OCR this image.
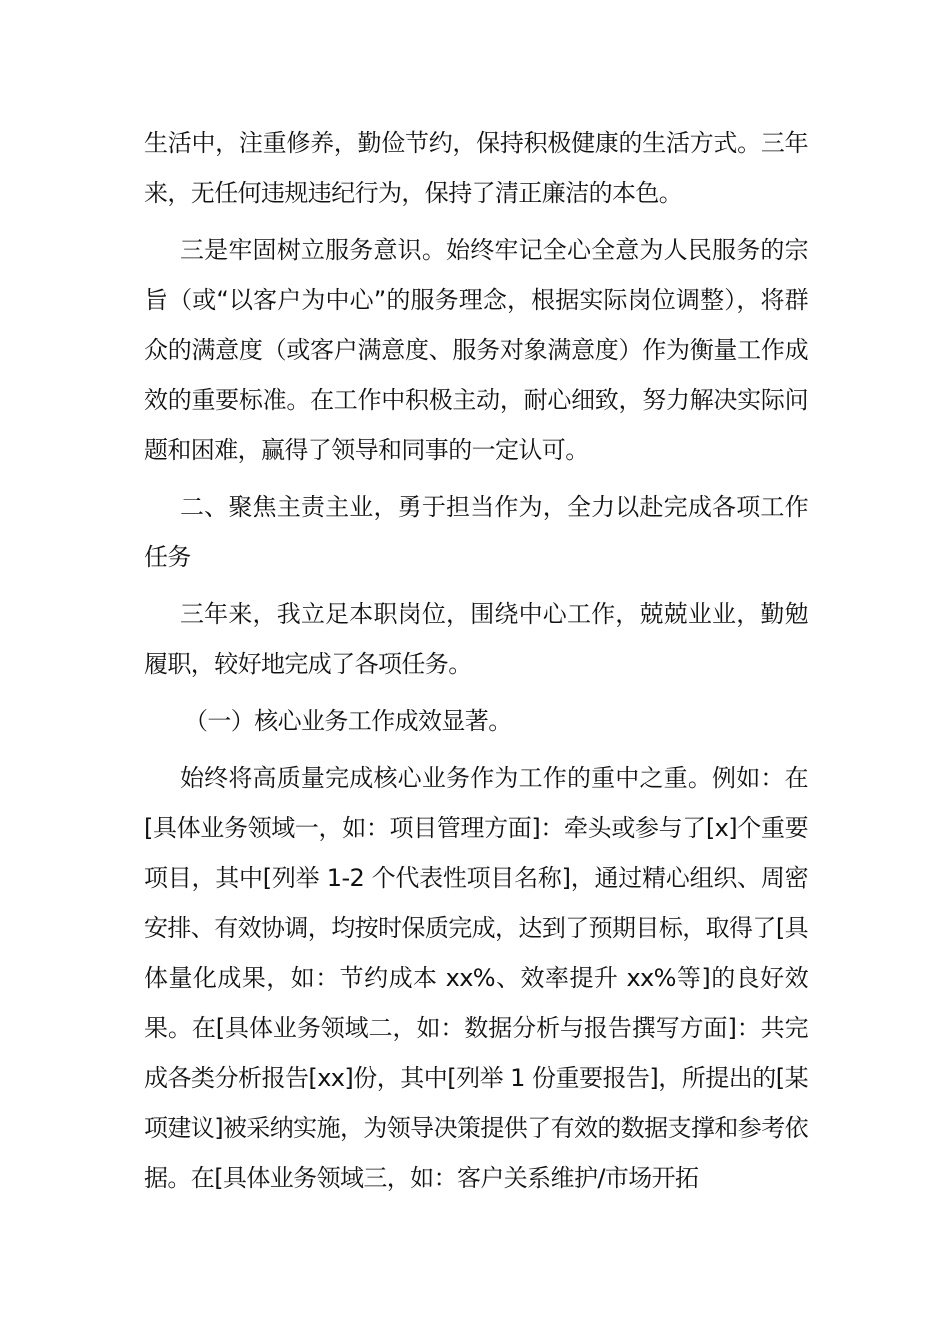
生活中，注重修养，勤俭节约，保持积极健康的生活方式。三年来，无任何违规违纪行为，保持了清正廉洁的本色。

三是牢固树立服务意识。始终牢记全心全意为人民服务的宗旨（或“以客户为中心”的服务理念，根据实际岗位调整），将群众的满意度（或客户满意度、服务对象满意度）作为衡量工作成效的重要标准。在工作中积极主动，耐心细致，努力解决实际问题和困难，赢得了领导和同事的一定认可。

二、聚焦主责主业，勇于担当作为，全力以赴完成各项工作任务

三年来，我立足本职岗位，围绕中心工作，兢兢业业，勤勉履职，较好地完成了各项任务。

（一）核心业务工作成效显著。

始终将高质量完成核心业务作为工作的重中之重。例如：在[具体业务领域一，如：项目管理方面]：牵头或参与了[x]个重要项目，其中[列举 1-2 个代表性项目名称]，通过精心组织、周密安排、有效协调，均按时保质完成，达到了预期目标，取得了[具体量化成果，如：节约成本 xx%、效率提升 xx%等]的良好效果。在[具体业务领域二，如：数据分析与报告撰写方面]：共完成各类分析报告[xx]份，其中[列举 1 份重要报告]，所提出的[某项建议]被采纳实施，为领导决策提供了有效的数据支撑和参考依据。在[具体业务领域三，如：客户关系维护/市场开拓
